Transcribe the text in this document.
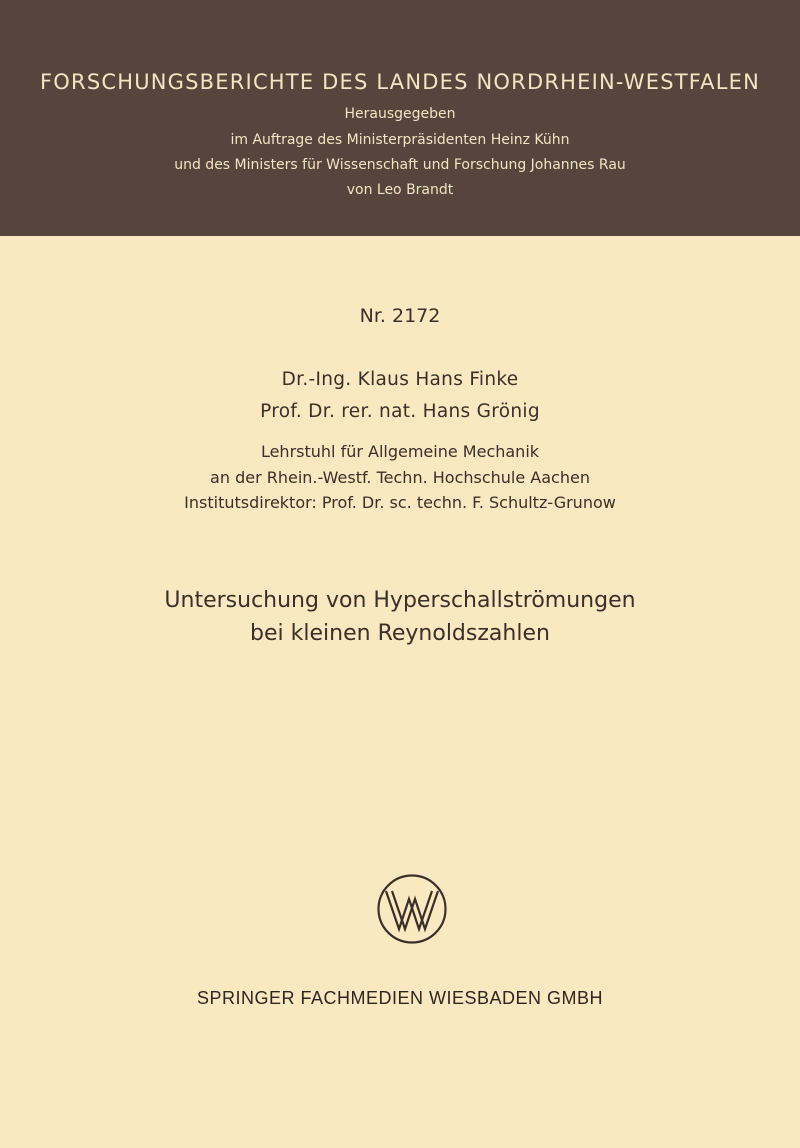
FORSCHUNGSBERICHTE DES LANDES NORDRHEIN-WESTFALEN
Herausgegeben
im Auftrage des Ministerpräsidenten Heinz Kühn
und des Ministers für Wissenschaft und Forschung Johannes Rau
von Leo Brandt
Nr. 2172
Dr.-Ing. Klaus Hans Finke
Prof. Dr. rer. nat. Hans Grönig
Lehrstuhl für Allgemeine Mechanik
an der Rhein.-Westf. Techn. Hochschule Aachen
Institutsdirektor: Prof. Dr. sc. techn. F. Schultz-Grunow
Untersuchung von Hyperschallströmungen
bei kleinen Reynoldszahlen
SPRINGER FACHMEDIEN WIESBADEN GMBH
